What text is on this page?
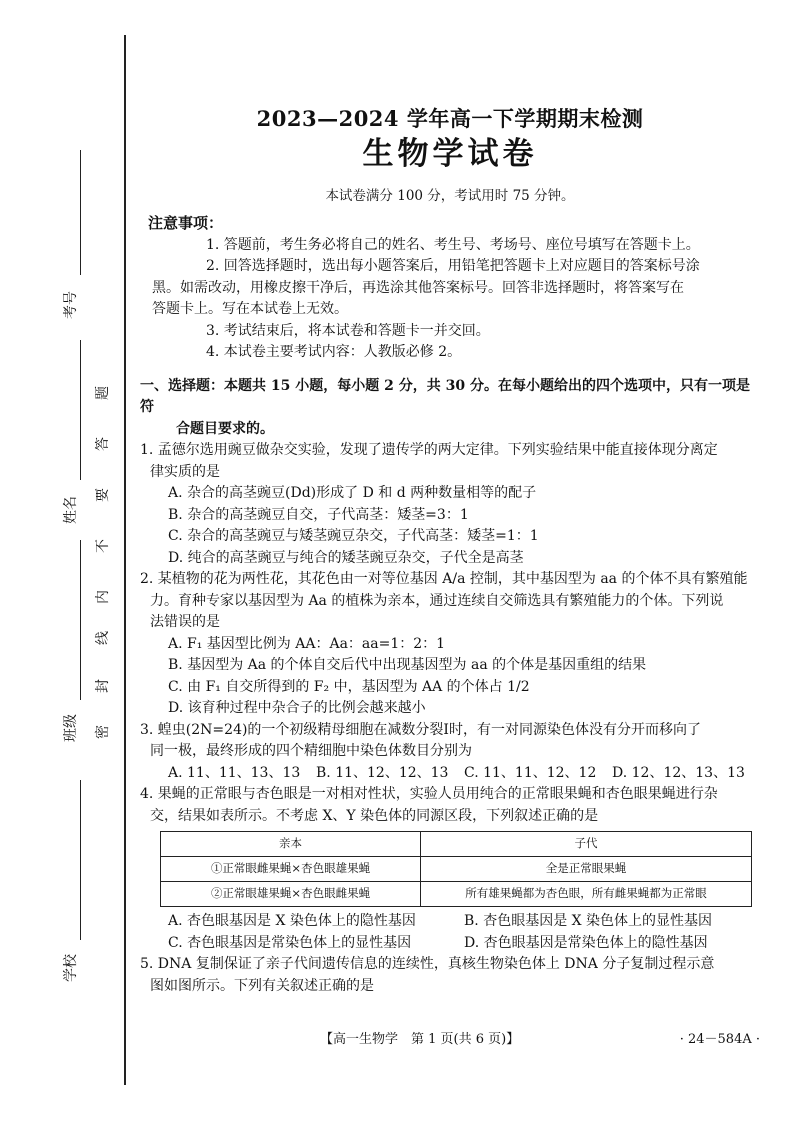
考号
姓名
班级
学校
题
答
要
不
内
线
封
密
2023—2024 学年高一下学期期末检测
生物学试卷
本试卷满分 100 分，考试用时 75 分钟。
注意事项：

1. 答题前，考生务必将自己的姓名、考生号、考场号、座位号填写在答题卡上。

2. 回答选择题时，选出每小题答案后，用铅笔把答题卡上对应题目的答案标号涂

黑。如需改动，用橡皮擦干净后，再选涂其他答案标号。回答非选择题时，将答案写在

答题卡上。写在本试卷上无效。

3. 考试结束后，将本试卷和答题卡一并交回。

4. 本试卷主要考试内容：人教版必修 2。

一、选择题：本题共 15 小题，每小题 2 分，共 30 分。在每小题给出的四个选项中，只有一项是符
合题目要求的。
1. 孟德尔选用豌豆做杂交实验，发现了遗传学的两大定律。下列实验结果中能直接体现分离定
律实质的是
A. 杂合的高茎豌豆(Dd)形成了 D 和 d 两种数量相等的配子
B. 杂合的高茎豌豆自交，子代高茎：矮茎=3：1
C. 杂合的高茎豌豆与矮茎豌豆杂交，子代高茎：矮茎=1：1
D. 纯合的高茎豌豆与纯合的矮茎豌豆杂交，子代全是高茎
2. 某植物的花为两性花，其花色由一对等位基因 A/a 控制，其中基因型为 aa 的个体不具有繁殖能
力。育种专家以基因型为 Aa 的植株为亲本，通过连续自交筛选具有繁殖能力的个体。下列说
法错误的是
A. F₁ 基因型比例为 AA：Aa：aa=1：2：1
B. 基因型为 Aa 的个体自交后代中出现基因型为 aa 的个体是基因重组的结果
C. 由 F₁ 自交所得到的 F₂ 中，基因型为 AA 的个体占 1/2
D. 该育种过程中杂合子的比例会越来越小
3. 蝗虫(2N=24)的一个初级精母细胞在减数分裂Ⅰ时，有一对同源染色体没有分开而移向了
同一极，最终形成的四个精细胞中染色体数目分别为
A. 11、11、13、13	B. 11、12、12、13	C. 11、11、12、12	D. 12、12、13、13
4. 果蝇的正常眼与杏色眼是一对相对性状，实验人员用纯合的正常眼果蝇和杏色眼果蝇进行杂
交，结果如表所示。不考虑 X、Y 染色体的同源区段，下列叙述正确的是
亲本	子代
①正常眼雌果蝇×杏色眼雄果蝇	全是正常眼果蝇
②正常眼雄果蝇×杏色眼雌果蝇	所有雄果蝇都为杏色眼，所有雌果蝇都为正常眼
A. 杏色眼基因是 X 染色体上的隐性基因	B. 杏色眼基因是 X 染色体上的显性基因
C. 杏色眼基因是常染色体上的显性基因	D. 杏色眼基因是常染色体上的隐性基因
5. DNA 复制保证了亲子代间遗传信息的连续性，真核生物染色体上 DNA 分子复制过程示意
图如图所示。下列有关叙述正确的是
【高一生物学　第 1 页(共 6 页)】	· 24－584A ·
